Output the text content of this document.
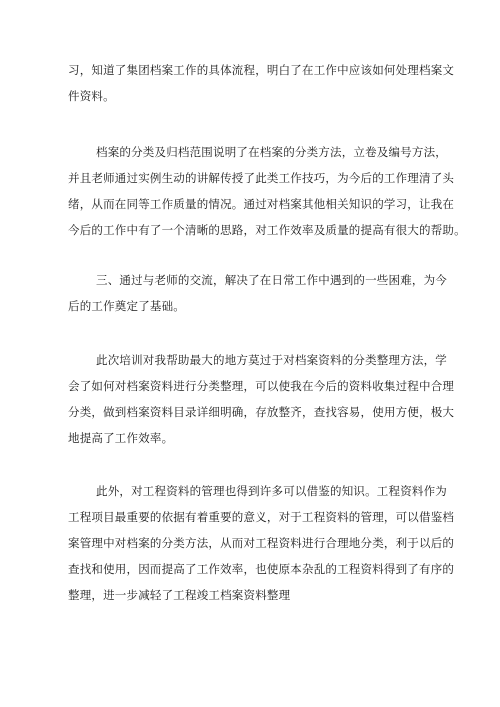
习，知道了集团档案工作的具体流程，明白了在工作中应该如何处理档案文
件资料。
档案的分类及归档范围说明了在档案的分类方法，立卷及编号方法，
并且老师通过实例生动的讲解传授了此类工作技巧，为今后的工作理清了头
绪，从而在同等工作质量的情况。通过对档案其他相关知识的学习，让我在
今后的工作中有了一个清晰的思路，对工作效率及质量的提高有很大的帮助。
三、通过与老师的交流，解决了在日常工作中遇到的一些困难，为今
后的工作奠定了基础。
此次培训对我帮助最大的地方莫过于对档案资料的分类整理方法，学
会了如何对档案资料进行分类整理，可以使我在今后的资料收集过程中合理
分类，做到档案资料目录详细明确，存放整齐，查找容易，使用方便，极大
地提高了工作效率。
此外，对工程资料的管理也得到许多可以借鉴的知识。工程资料作为
工程项目最重要的依据有着重要的意义，对于工程资料的管理，可以借鉴档
案管理中对档案的分类方法，从而对工程资料进行合理地分类，利于以后的
查找和使用，因而提高了工作效率，也使原本杂乱的工程资料得到了有序的
整理，进一步减轻了工程竣工档案资料整理
